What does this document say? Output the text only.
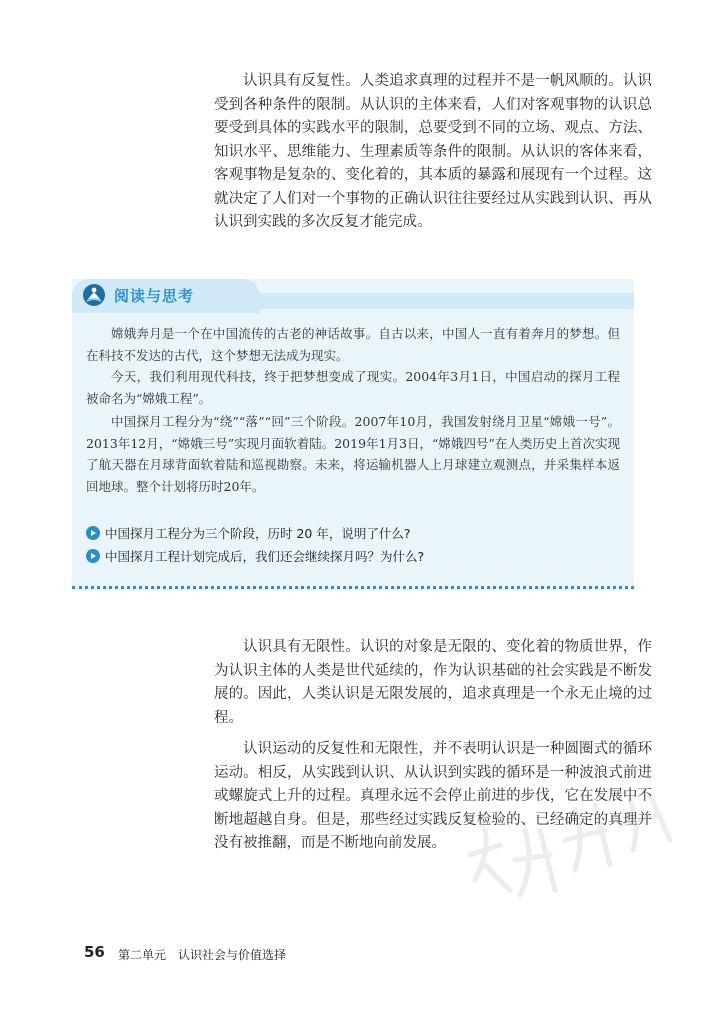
认识具有反复性。人类追求真理的过程并不是一帆风顺的。认识受到各种条件的限制。从认识的主体来看，人们对客观事物的认识总要受到具体的实践水平的限制，总要受到不同的立场、观点、方法、知识水平、思维能力、生理素质等条件的限制。从认识的客体来看，客观事物是复杂的、变化着的，其本质的暴露和展现有一个过程。这就决定了人们对一个事物的正确认识往往要经过从实践到认识、再从认识到实践的多次反复才能完成。

阅读与思考

嫦娥奔月是一个在中国流传的古老的神话故事。自古以来，中国人一直有着奔月的梦想。但在科技不发达的古代，这个梦想无法成为现实。

今天，我们利用现代科技，终于把梦想变成了现实。2004年3月1日，中国启动的探月工程被命名为“嫦娥工程”。

中国探月工程分为“绕”“落”“回”三个阶段。2007年10月，我国发射绕月卫星“嫦娥一号”。2013年12月，“嫦娥三号”实现月面软着陆。2019年1月3日，“嫦娥四号”在人类历史上首次实现了航天器在月球背面软着陆和巡视勘察。未来，将运输机器人上月球建立观测点，并采集样本返回地球。整个计划将历时20年。

中国探月工程分为三个阶段，历时 20 年，说明了什么?
中国探月工程计划完成后，我们还会继续探月吗？为什么?

认识具有无限性。认识的对象是无限的、变化着的物质世界，作为认识主体的人类是世代延续的，作为认识基础的社会实践是不断发展的。因此，人类认识是无限发展的，追求真理是一个永无止境的过程。

认识运动的反复性和无限性，并不表明认识是一种圆圈式的循环运动。相反，从实践到认识、从认识到实践的循环是一种波浪式前进或螺旋式上升的过程。真理永远不会停止前进的步伐，它在发展中不断地超越自身。但是，那些经过实践反复检验的、已经确定的真理并没有被推翻，而是不断地向前发展。

56 第二单元　认识社会与价值选择
